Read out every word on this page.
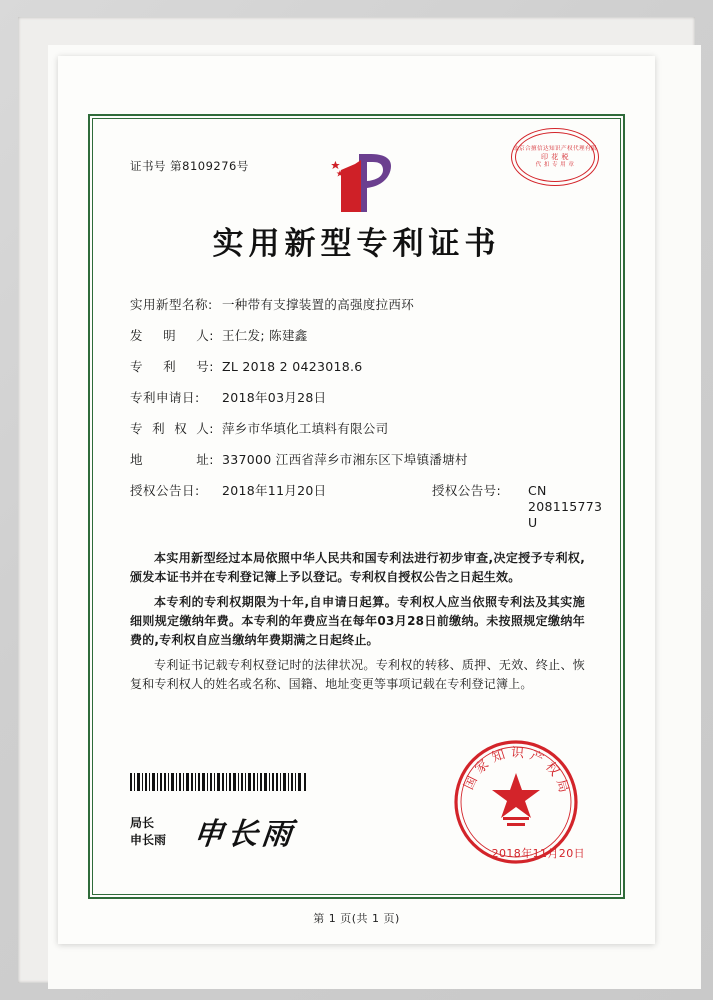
北京合擅信达知识产权代理有限
印 花 税
代 扣 专 用 章
证书号 第8109276号
实用新型专利证书
实用新型名称: 一种带有支撑装置的高强度拉西环
发 明 人: 王仁发; 陈建鑫
专 利 号: ZL 2018 2 0423018.6
专利申请日:	2018年03月28日
专 利 权 人: 萍乡市华填化工填料有限公司
地	址: 337000 江西省萍乡市湘东区下埠镇潘塘村
授权公告日:	2018年11月20日	授权公告号:	CN 208115773 U
本实用新型经过本局依照中华人民共和国专利法进行初步审查,决定授予专利权,颁发本证书并在专利登记簿上予以登记。专利权自授权公告之日起生效。
本专利的专利权期限为十年,自申请日起算。专利权人应当依照专利法及其实施细则规定缴纳年费。本专利的年费应当在每年03月28日前缴纳。未按照规定缴纳年费的,专利权自应当缴纳年费期满之日起终止。
专利证书记载专利权登记时的法律状况。专利权的转移、质押、无效、终止、恢复和专利权人的姓名或名称、国籍、地址变更等事项记载在专利登记簿上。
局长
申长雨 申长雨
国家知识产权局
2018年11月20日
第 1 页(共 1 页)
